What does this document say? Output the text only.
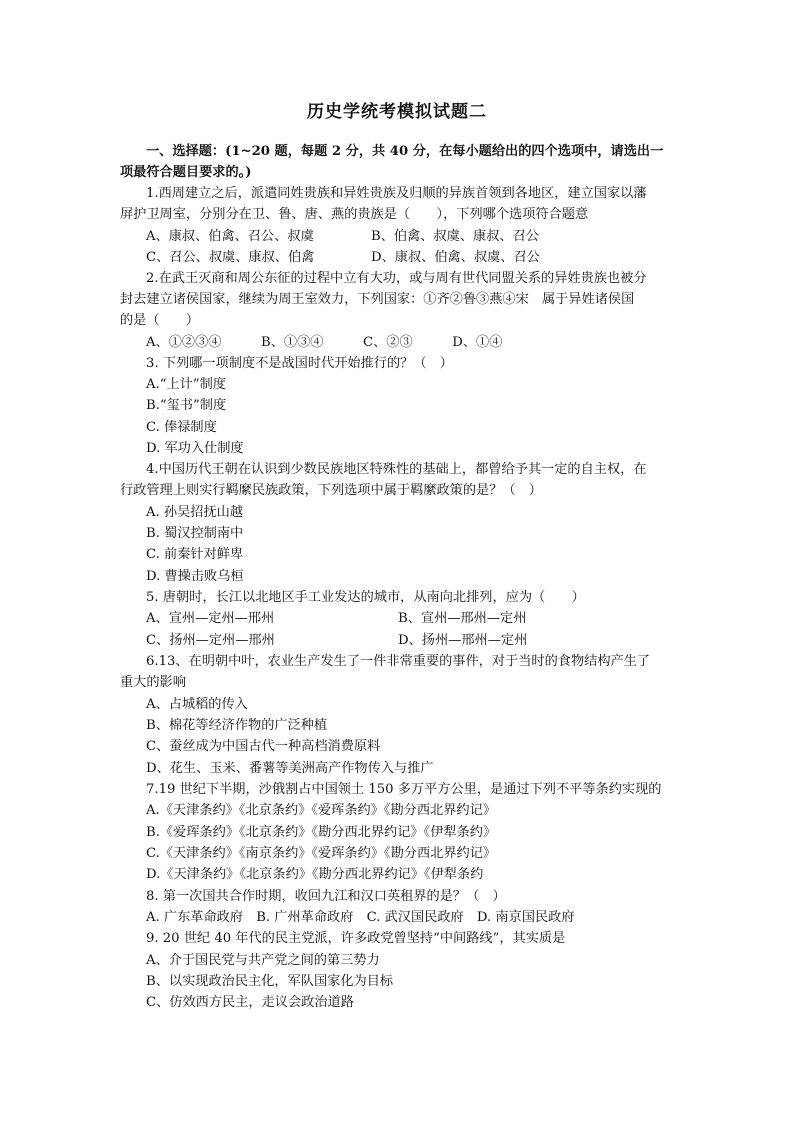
历史学统考模拟试题二
一、选择题：(1~20 题，每题 2 分，共 40 分，在每小题给出的四个选项中，请选出一
项最符合题目要求的。)
1.西周建立之后，派遣同姓贵族和异姓贵族及归顺的异族首领到各地区，建立国家以藩
屏护卫周室，分别分在卫、鲁、唐、燕的贵族是（　　），下列哪个选项符合题意
A、康叔、伯禽、召公、叔虞	B、伯禽、叔虞、康叔、召公
C、召公、叔虞、康叔、伯禽	D、康叔、伯禽、叔虞、召公
2.在武王灭商和周公东征的过程中立有大功，或与周有世代同盟关系的异姓贵族也被分
封去建立诸侯国家，继续为周王室效力，下列国家：①齐②鲁③燕④宋　属于异姓诸侯国
的是（　　）
A、①②③④　　　B、①③④　　　C、②③　　　D、①④
3. 下列哪一项制度不是战国时代开始推行的？（　）
A.“上计”制度
B.“玺书”制度
C. 俸禄制度
D. 军功入仕制度
4.中国历代王朝在认识到少数民族地区特殊性的基础上，都曾给予其一定的自主权，在
行政管理上则实行羁縻民族政策，下列选项中属于羁縻政策的是？（　）
A. 孙吴招抚山越
B. 蜀汉控制南中
C. 前秦针对鲜卑
D. 曹操击败乌桓
5. 唐朝时，长江以北地区手工业发达的城市，从南向北排列，应为（　　）
A、宣州—定州—邢州	B、宣州—邢州—定州
C、扬州—定州—邢州	D、扬州—邢州—定州
6.13、在明朝中叶，农业生产发生了一件非常重要的事件，对于当时的食物结构产生了
重大的影响
A、占城稻的传入
B、棉花等经济作物的广泛种植
C、蚕丝成为中国古代一种高档消费原料
D、花生、玉米、番薯等美洲高产作物传入与推广
7.19 世纪下半期，沙俄割占中国领土 150 多万平方公里，是通过下列不平等条约实现的
A.《天津条约》《北京条约》《爱珲条约》《勘分西北界约记》
B.《爱珲条约》《北京条约》《勘分西北界约记》《伊犁条约》
C.《天津条约》《南京条约》《爱珲条约》《勘分西北界约记》
D.《天津条约》《北京条约》《勘分西北界约记》《伊犁条约
8. 第一次国共合作时期，收回九江和汉口英租界的是？（　）
A. 广东革命政府　B. 广州革命政府　C. 武汉国民政府　D. 南京国民政府
9. 20 世纪 40 年代的民主党派，许多政党曾坚持“中间路线”，其实质是
A、介于国民党与共产党之间的第三势力
B、以实现政治民主化，军队国家化为目标
C、仿效西方民主，走议会政治道路
